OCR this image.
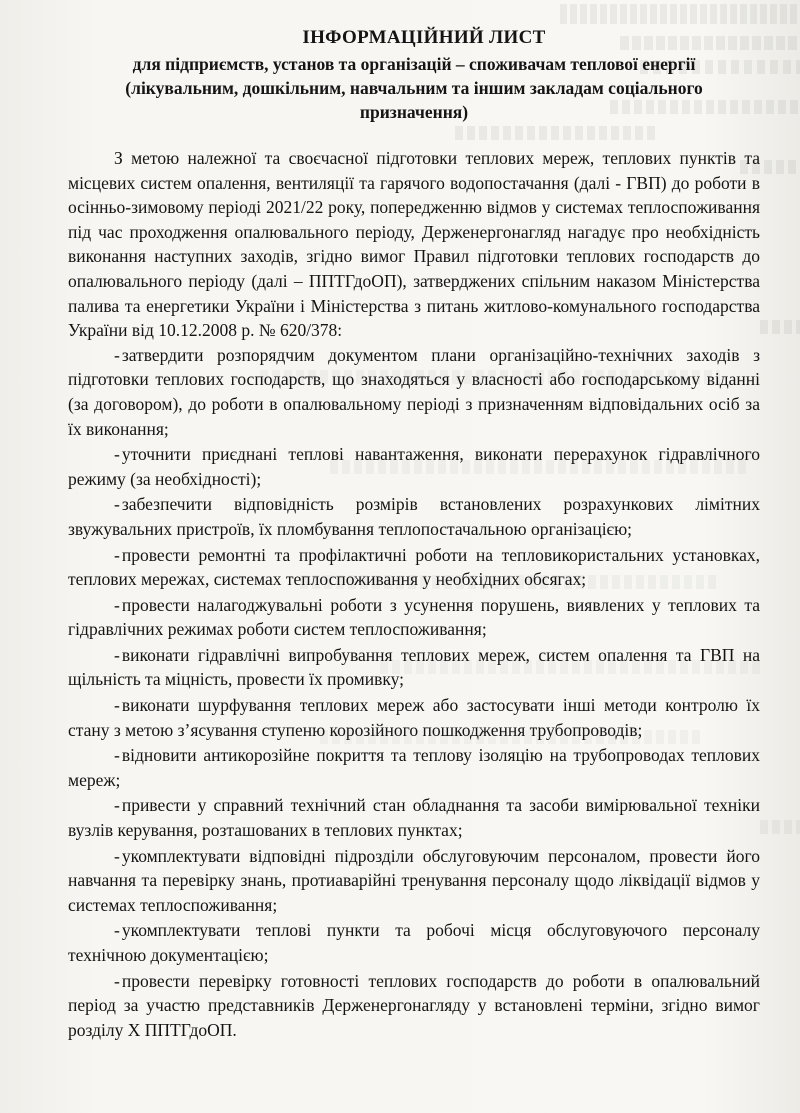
ІНФОРМАЦІЙНИЙ ЛИСТ
для підприємств, установ та організацій – споживачам теплової енергії (лікувальним, дошкільним, навчальним та іншим закладам соціального призначення)

З метою належної та своєчасної підготовки теплових мереж, теплових пунктів та місцевих систем опалення, вентиляції та гарячого водопостачання (далі - ГВП) до роботи в осінньо-зимовому періоді 2021/22 року, попередженню відмов у системах теплоспоживання під час проходження опалювального періоду, Держенергонагляд нагадує про необхідність виконання наступних заходів, згідно вимог Правил підготовки теплових господарств до опалювального періоду (далі – ППТГдоОП), затверджених спільним наказом Міністерства палива та енергетики України і Міністерства з питань житлово-комунального господарства України від 10.12.2008 р. № 620/378:

- затвердити розпорядчим документом плани організаційно-технічних заходів з підготовки теплових господарств, що знаходяться у власності або господарському віданні (за договором), до роботи в опалювальному періоді з призначенням відповідальних осіб за їх виконання;
- уточнити приєднані теплові навантаження, виконати перерахунок гідравлічного режиму (за необхідності);
- забезпечити відповідність розмірів встановлених розрахункових лімітних звужувальних пристроїв, їх пломбування теплопостачальною організацією;
- провести ремонтні та профілактичні роботи на тепловикористальних установках, теплових мережах, системах теплоспоживання у необхідних обсягах;
- провести налагоджувальні роботи з усунення порушень, виявлених у теплових та гідравлічних режимах роботи систем теплоспоживання;
- виконати гідравлічні випробування теплових мереж, систем опалення та ГВП на щільність та міцність, провести їх промивку;
- виконати шурфування теплових мереж або застосувати інші методи контролю їх стану з метою з’ясування ступеню корозійного пошкодження трубопроводів;
- відновити антикорозійне покриття та теплову ізоляцію на трубопроводах теплових мереж;
- привести у справний технічний стан обладнання та засоби вимірювальної техніки вузлів керування, розташованих в теплових пунктах;
- укомплектувати відповідні підрозділи обслуговуючим персоналом, провести його навчання та перевірку знань, протиаварійні тренування персоналу щодо ліквідації відмов у системах теплоспоживання;
- укомплектувати теплові пункти та робочі місця обслуговуючого персоналу технічною документацією;
- провести перевірку готовності теплових господарств до роботи в опалювальний період за участю представників Держенергонагляду у встановлені терміни, згідно вимог розділу Х ППТГдоОП.
